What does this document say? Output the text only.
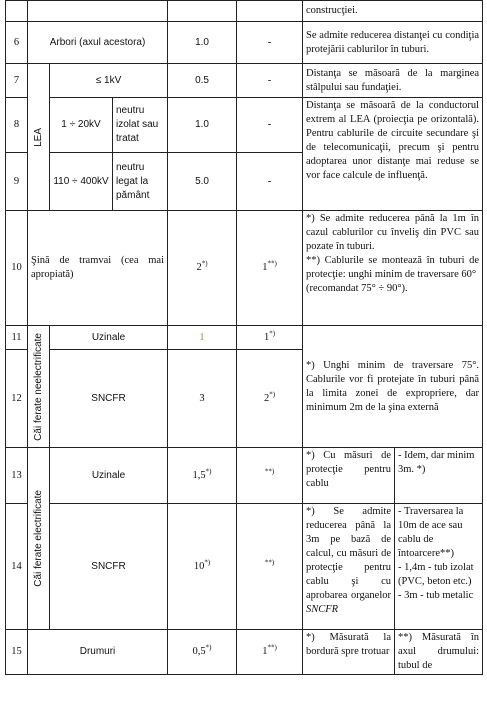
						construcţiei.	
6	Arbori (axul acestora)			1.0	-	Se admite reducerea distanţei cu condiţia protejării cablurilor în tuburi.	
7	LEA	≤ 1kV		0.5	-	Distanţa se măsoară de la marginea stâlpului sau fundaţiei.	
8		1 ÷ 20kV	neutru izolat sau tratat	1.0	-	Distanţa se măsoară de la conductorul extrem al LEA (proiecţia pe orizontală). Pentru cablurile de circuite secundare şi de telecomunicaţii, precum şi pentru adoptarea unor distanţe mai reduse se vor face calcule de influenţă.	
9		110 ÷ 400kV	neutru legat la pământ	5.0	-		
10	Şină de tramvai (cea mai apropiată)			2*)	1**)	*) Se admite reducerea până la 1m în cazul cablurilor cu înveliş din PVC sau pozate în tuburi.
**) Cablurile se montează în tuburi de protecţie: unghi minim de traversare 60°
(recomandat 75° ÷ 90°).	

11	Căi ferate neelectrificate	Uzinale		1	1*)	*) Unghi minim de traversare 75°. Cablurile vor fi protejate în tuburi până la limita zonei de expropriere, dar minimum 2m de la şina externă	
12		SNCFR		3	2*)
13	Căi ferate electrificate	Uzinale		1,5*)	**)	*) Cu măsuri de protecţie pentru cablu	- Idem, dar minim 3m. *)
14		SNCFR		10*)	**)	*) Se admite reducerea până la 3m pe bază de calcul, cu măsuri de protecţie pentru cablu şi cu aprobarea organelor SNCFR	- Traversarea la 10m de ace sau cablu de întoarcere**)
- 1,4m - tub izolat (PVC, beton etc.)
- 3m - tub metalic

15	Drumuri			0,5*)	1**)	*) Măsurată la bordură spre trotuar	**) Măsurată în axul drumului: tubul de
